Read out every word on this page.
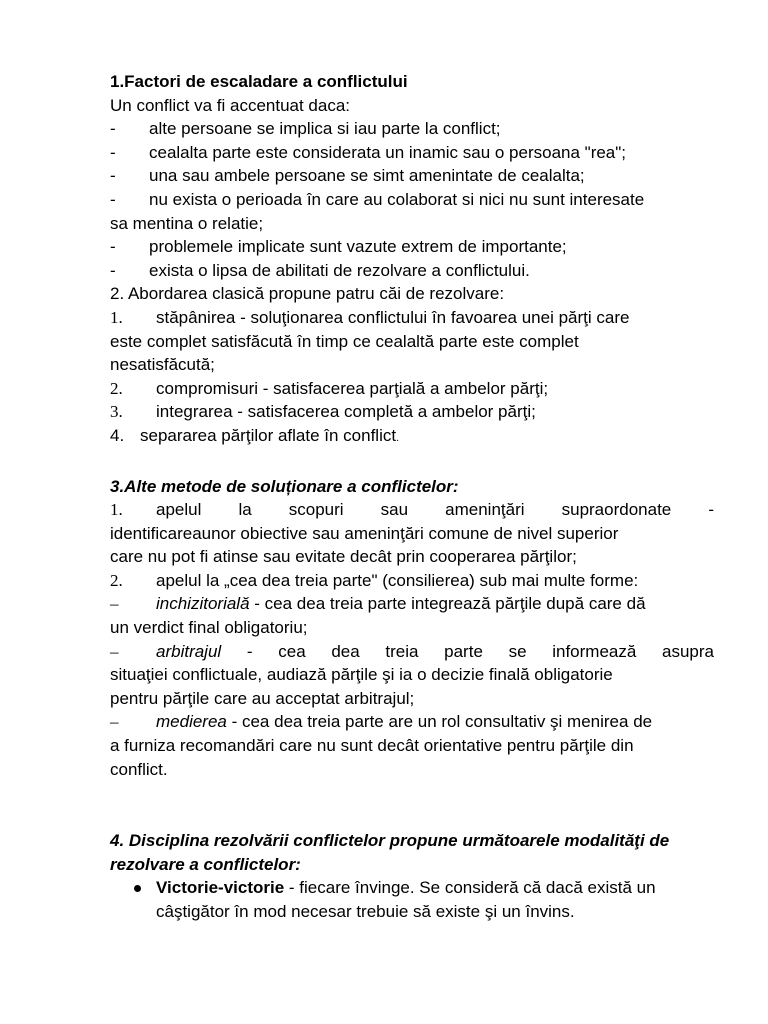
1.Factori de escaladare a conflictului
Un conflict va fi accentuat daca:
- alte persoane se implica si iau parte la conflict;
- cealalta parte este considerata un inamic sau o persoana "rea";
- una sau ambele persoane se simt amenintate de cealalta;
- nu exista o perioada în care au colaborat si nici nu sunt interesate
sa mentina o relatie;
- problemele implicate sunt vazute extrem de importante;
- exista o lipsa de abilitati de rezolvare a conflictului.
2. Abordarea clasică propune patru căi de rezolvare:
1. stăpânirea - soluţionarea conflictului în favoarea unei părţi care
este complet satisfăcută în timp ce cealaltă parte este complet
nesatisfăcută;
2. compromisuri - satisfacerea parţială a ambelor părţi;
3. integrarea - satisfacerea completă a ambelor părţi;
4. separarea părţilor aflate în conflict.
3.Alte metode de soluționare a conflictelor:
1. apelul la scopuri sau ameninţări supraordonate -
identificareaunor obiective sau ameninţări comune de nivel superior
care nu pot fi atinse sau evitate decât prin cooperarea părţilor;
2. apelul la „cea dea treia parte" (consilierea) sub mai multe forme:
– inchizitorială - cea dea treia parte integrează părţile după care dă
un verdict final obligatoriu;
– arbitrajul - cea dea treia parte se informează asupra
situaţiei conflictuale, audiază părţile şi ia o decizie finală obligatorie
pentru părţile care au acceptat arbitrajul;
– medierea - cea dea treia parte are un rol consultativ şi menirea de
a furniza recomandări care nu sunt decât orientative pentru părţile din
conflict.
4. Disciplina rezolvării conflictelor propune următoarele modalităţi de
rezolvare a conflictelor:
Victorie-victorie - fiecare învinge. Se consideră că dacă există un
câştigător în mod necesar trebuie să existe şi un învins.
